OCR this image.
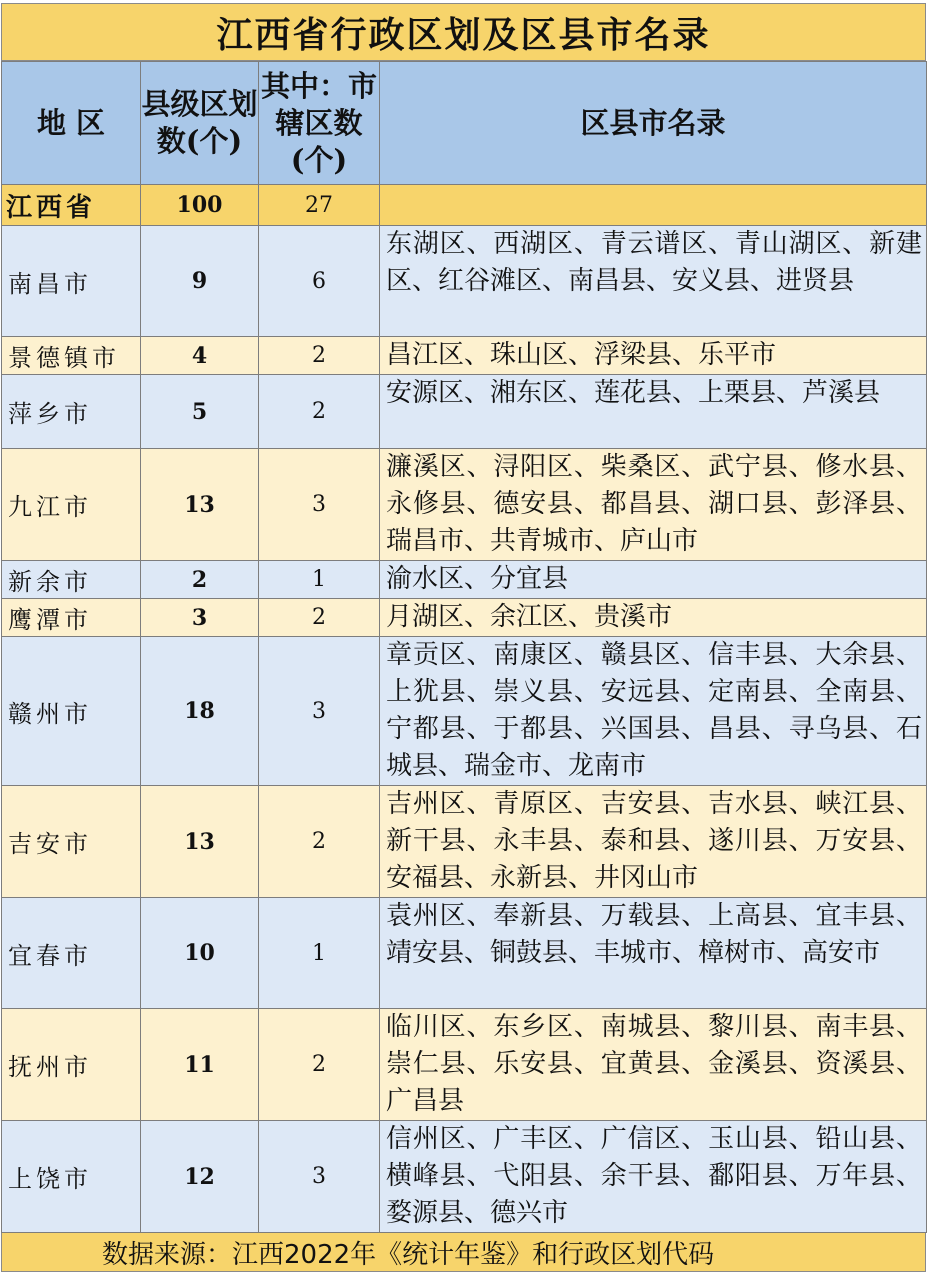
江西省行政区划及区县市名录
地 区	县级区划数(个)	其中：市辖区数(个)	区县市名录
江西省	100	27	
南昌市	9	6	东湖区、西湖区、青云谱区、青山湖区、新建区、红谷滩区、南昌县、安义县、进贤县
景德镇市	4	2	昌江区、珠山区、浮梁县、乐平市
萍乡市	5	2	安源区、湘东区、莲花县、上栗县、芦溪县
九江市	13	3	濂溪区、浔阳区、柴桑区、武宁县、修水县、永修县、德安县、都昌县、湖口县、彭泽县、瑞昌市、共青城市、庐山市
新余市	2	1	渝水区、分宜县
鹰潭市	3	2	月湖区、余江区、贵溪市
赣州市	18	3	章贡区、南康区、赣县区、信丰县、大余县、上犹县、崇义县、安远县、定南县、全南县、宁都县、于都县、兴国县、昌县、寻乌县、石城县、瑞金市、龙南市
吉安市	13	2	吉州区、青原区、吉安县、吉水县、峡江县、新干县、永丰县、泰和县、遂川县、万安县、安福县、永新县、井冈山市
宜春市	10	1	袁州区、奉新县、万载县、上高县、宜丰县、靖安县、铜鼓县、丰城市、樟树市、高安市
抚州市	11	2	临川区、东乡区、南城县、黎川县、南丰县、崇仁县、乐安县、宜黄县、金溪县、资溪县、广昌县
上饶市	12	3	信州区、广丰区、广信区、玉山县、铅山县、横峰县、弋阳县、余干县、鄱阳县、万年县、婺源县、德兴市
数据来源：江西2022年《统计年鉴》和行政区划代码
